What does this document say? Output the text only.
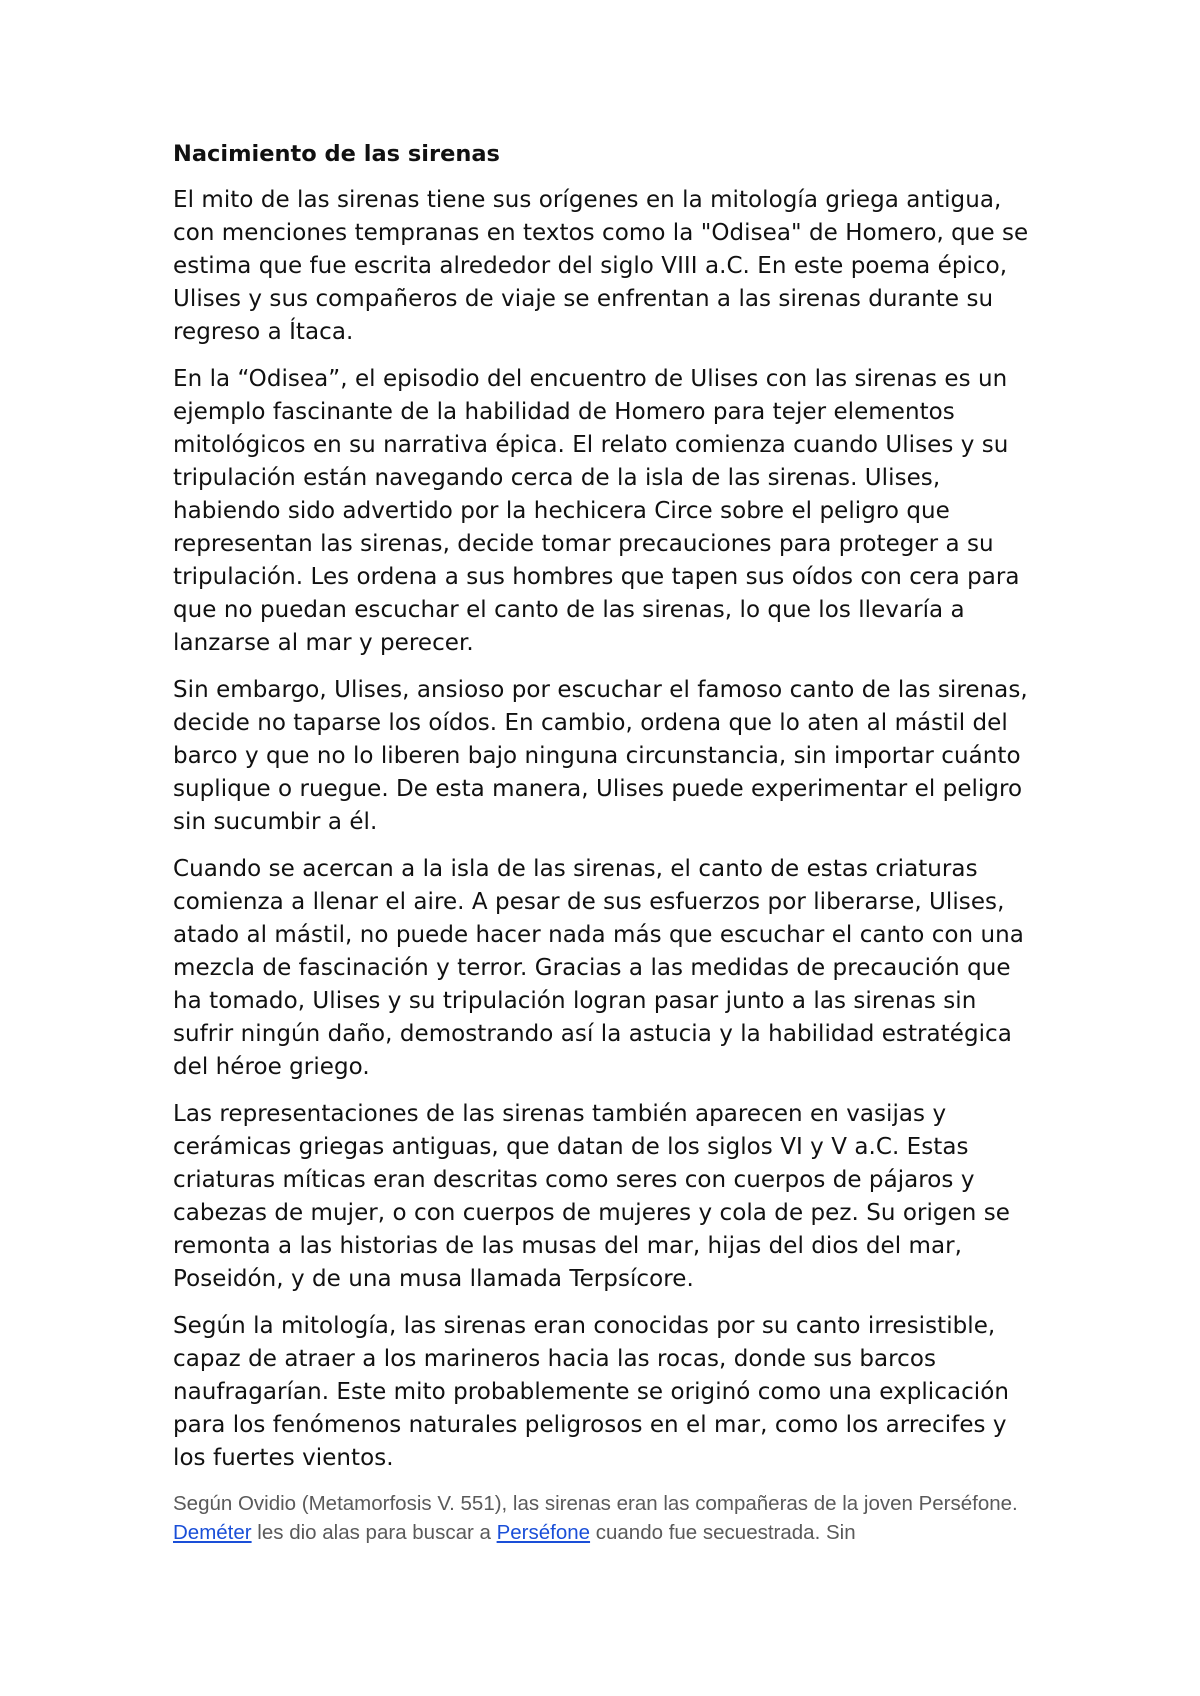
Nacimiento de las sirenas

El mito de las sirenas tiene sus orígenes en la mitología griega antigua, con menciones tempranas en textos como la "Odisea" de Homero, que se estima que fue escrita alrededor del siglo VIII a.C. En este poema épico, Ulises y sus compañeros de viaje se enfrentan a las sirenas durante su regreso a Ítaca.

En la “Odisea”, el episodio del encuentro de Ulises con las sirenas es un ejemplo fascinante de la habilidad de Homero para tejer elementos mitológicos en su narrativa épica. El relato comienza cuando Ulises y su tripulación están navegando cerca de la isla de las sirenas. Ulises, habiendo sido advertido por la hechicera Circe sobre el peligro que representan las sirenas, decide tomar precauciones para proteger a su tripulación. Les ordena a sus hombres que tapen sus oídos con cera para que no puedan escuchar el canto de las sirenas, lo que los llevaría a lanzarse al mar y perecer.

Sin embargo, Ulises, ansioso por escuchar el famoso canto de las sirenas, decide no taparse los oídos. En cambio, ordena que lo aten al mástil del barco y que no lo liberen bajo ninguna circunstancia, sin importar cuánto suplique o ruegue. De esta manera, Ulises puede experimentar el peligro sin sucumbir a él.

Cuando se acercan a la isla de las sirenas, el canto de estas criaturas comienza a llenar el aire. A pesar de sus esfuerzos por liberarse, Ulises, atado al mástil, no puede hacer nada más que escuchar el canto con una mezcla de fascinación y terror. Gracias a las medidas de precaución que ha tomado, Ulises y su tripulación logran pasar junto a las sirenas sin sufrir ningún daño, demostrando así la astucia y la habilidad estratégica del héroe griego.

Las representaciones de las sirenas también aparecen en vasijas y cerámicas griegas antiguas, que datan de los siglos VI y V a.C. Estas criaturas míticas eran descritas como seres con cuerpos de pájaros y cabezas de mujer, o con cuerpos de mujeres y cola de pez. Su origen se remonta a las historias de las musas del mar, hijas del dios del mar, Poseidón, y de una musa llamada Terpsícore.

Según la mitología, las sirenas eran conocidas por su canto irresistible, capaz de atraer a los marineros hacia las rocas, donde sus barcos naufragarían. Este mito probablemente se originó como una explicación para los fenómenos naturales peligrosos en el mar, como los arrecifes y los fuertes vientos.

Según Ovidio (Metamorfosis V. 551), las sirenas eran las compañeras de la joven Perséfone. Deméter les dio alas para buscar a Perséfone cuando fue secuestrada. Sin
